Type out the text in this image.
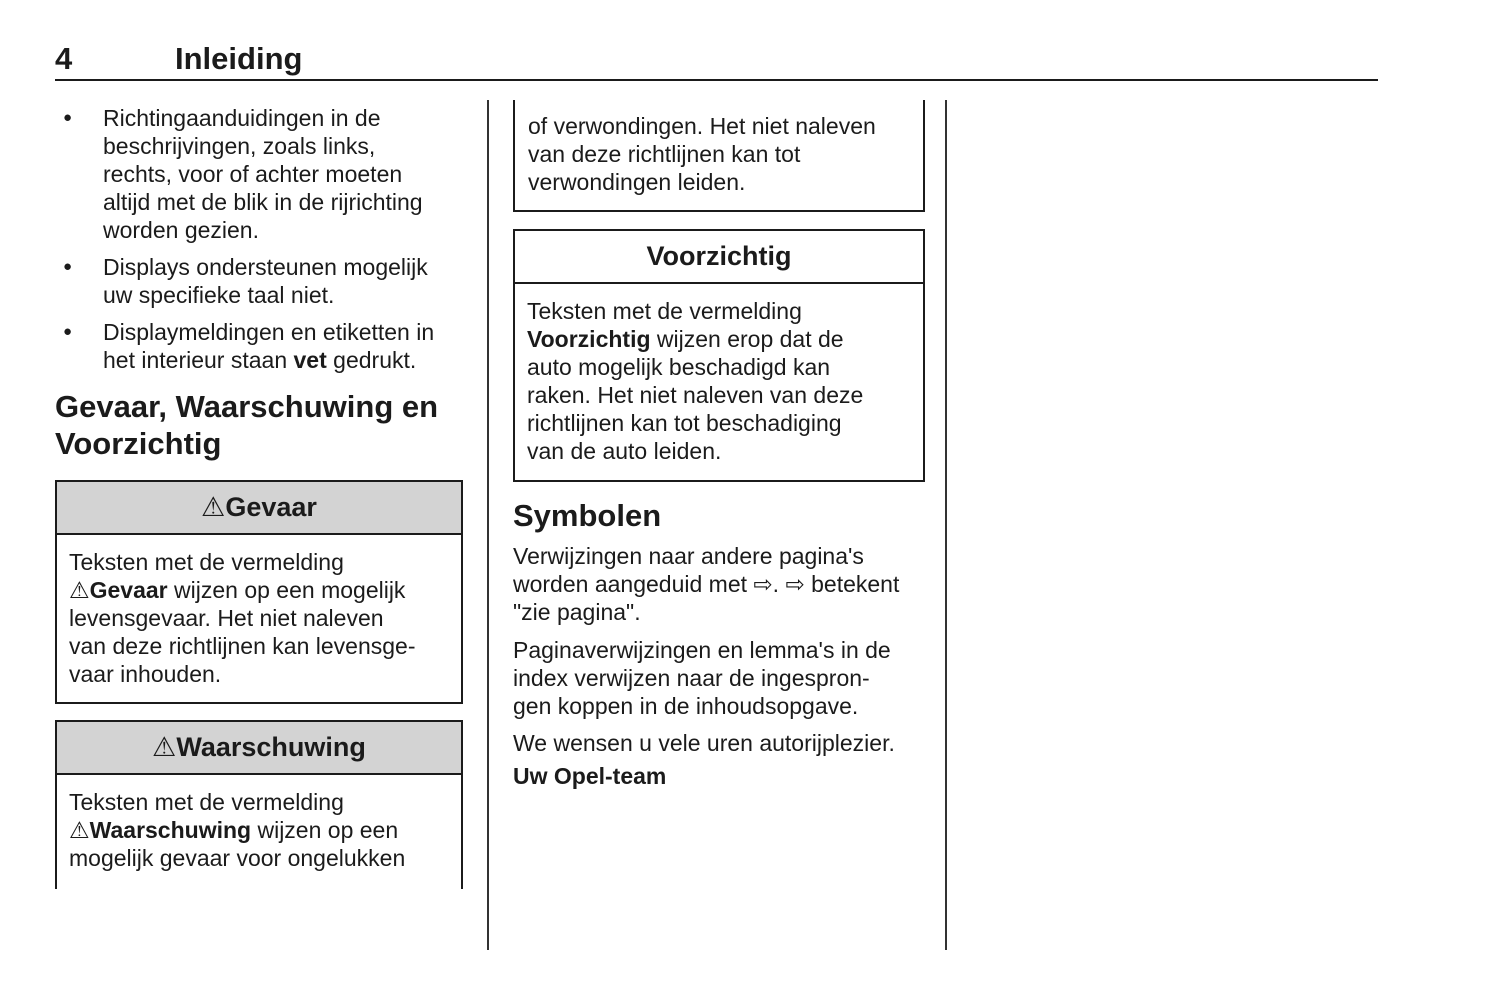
4	Inleiding
●	Richtingaanduidingen in de
beschrijvingen, zoals links,
rechts, voor of achter moeten
altijd met de blik in de rijrichting
worden gezien.
●	Displays ondersteunen mogelijk
uw specifieke taal niet.
●	Displaymeldingen en etiketten in
het interieur staan vet gedrukt.
Gevaar, Waarschuwing en
Voorzichtig
⚠Gevaar
Teksten met de vermelding
⚠Gevaar wijzen op een mogelijk
levensgevaar. Het niet naleven
van deze richtlijnen kan levensge-
vaar inhouden.
⚠Waarschuwing
Teksten met de vermelding
⚠Waarschuwing wijzen op een
mogelijk gevaar voor ongelukken
of verwondingen. Het niet naleven
van deze richtlijnen kan tot
verwondingen leiden.
Voorzichtig
Teksten met de vermelding
Voorzichtig wijzen erop dat de
auto mogelijk beschadigd kan
raken. Het niet naleven van deze
richtlijnen kan tot beschadiging
van de auto leiden.
Symbolen
Verwijzingen naar andere pagina's
worden aangeduid met ⇨. ⇨ betekent
"zie pagina".
Paginaverwijzingen en lemma's in de
index verwijzen naar de ingespron-
gen koppen in de inhoudsopgave.
We wensen u vele uren autorijplezier.
Uw Opel-team
